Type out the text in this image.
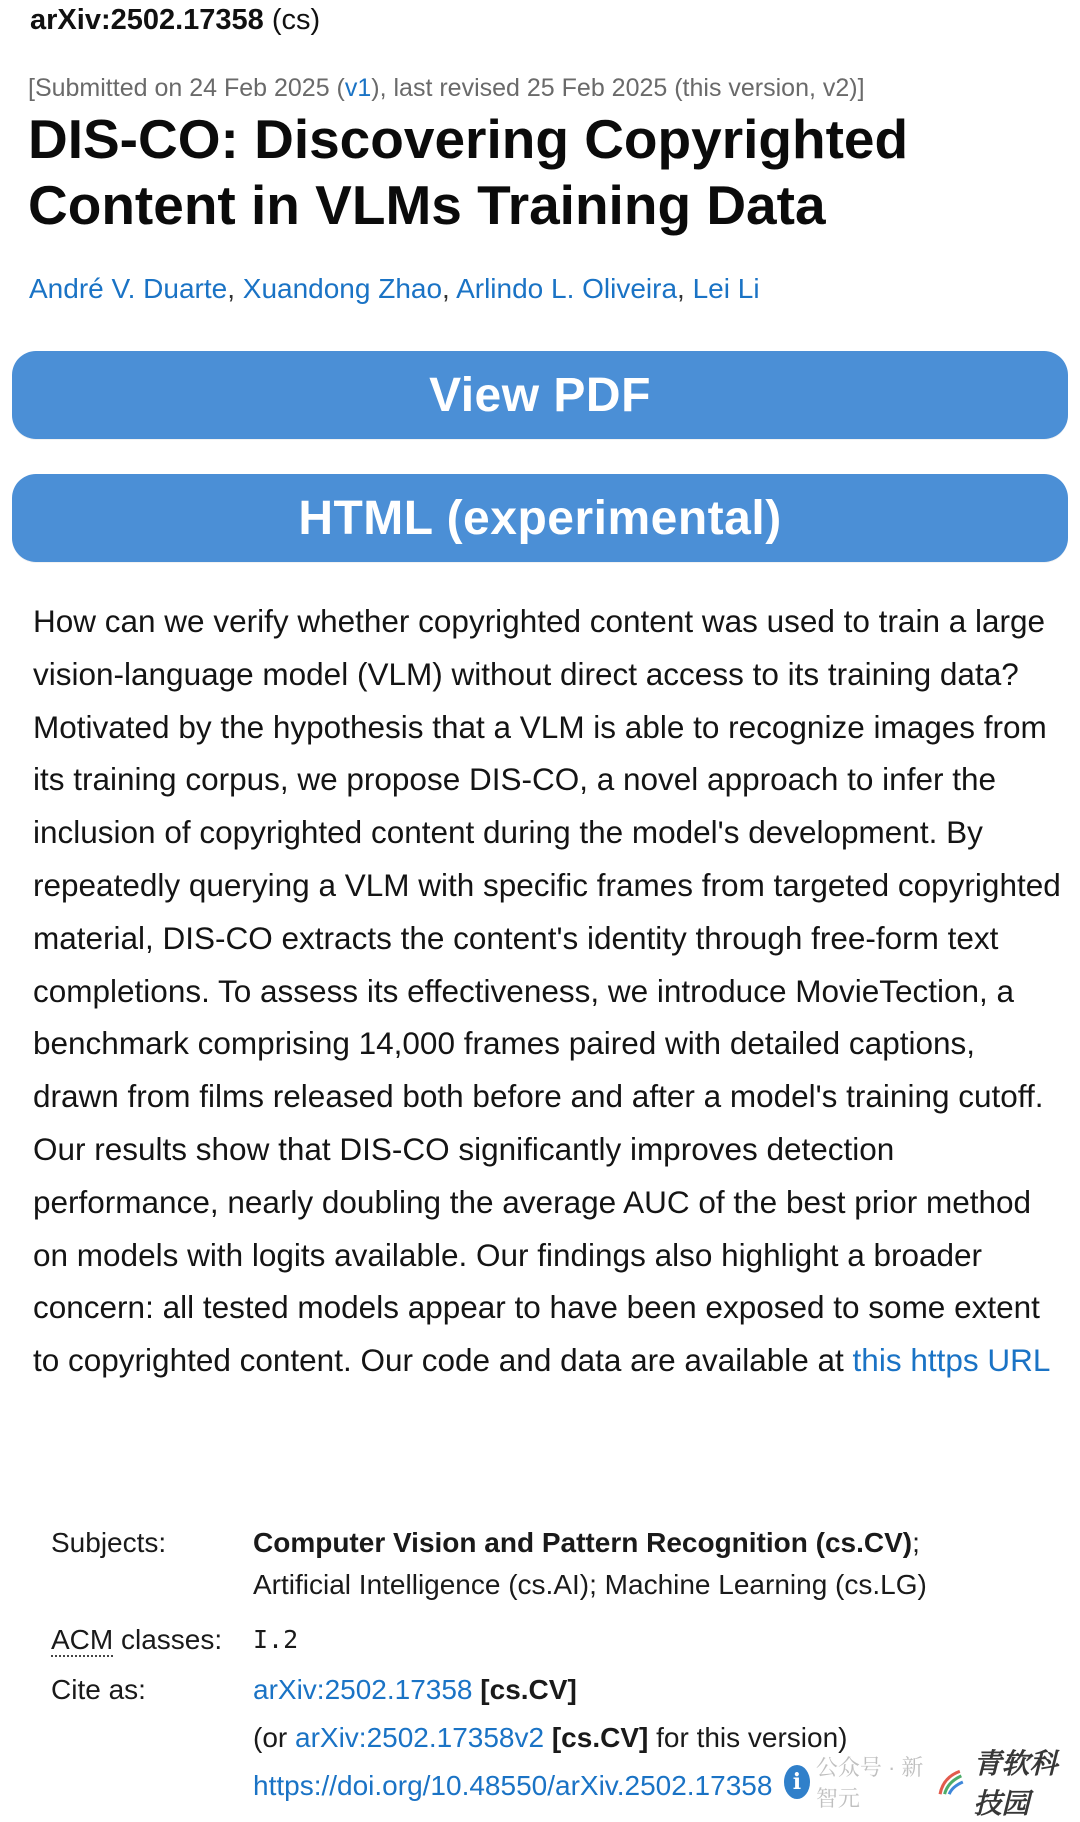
arXiv:2502.17358 (cs)
[Submitted on 24 Feb 2025 (v1), last revised 25 Feb 2025 (this version, v2)]
DIS-CO: Discovering Copyrighted Content in VLMs Training Data
André V. Duarte, Xuandong Zhao, Arlindo L. Oliveira, Lei Li
View PDF
HTML (experimental)

How can we verify whether copyrighted content was used to train a large vision-language model (VLM) without direct access to its training data? Motivated by the hypothesis that a VLM is able to recognize images from its training corpus, we propose DIS-CO, a novel approach to infer the inclusion of copyrighted content during the model's development. By repeatedly querying a VLM with specific frames from targeted copyrighted material, DIS-CO extracts the content's identity through free-form text completions. To assess its effectiveness, we introduce MovieTection, a benchmark comprising 14,000 frames paired with detailed captions, drawn from films released both before and after a model's training cutoff. Our results show that DIS-CO significantly improves detection performance, nearly doubling the average AUC of the best prior method on models with logits available. Our findings also highlight a broader concern: all tested models appear to have been exposed to some extent to copyrighted content. Our code and data are available at this https URL

Subjects:	Computer Vision and Pattern Recognition (cs.CV);
Artificial Intelligence (cs.AI); Machine Learning (cs.LG)
ACM classes:	I.2
Cite as:	arXiv:2502.17358 [cs.CV]
(or arXiv:2502.17358v2 [cs.CV] for this version)
https://doi.org/10.48550/arXiv.2502.17358 i
公众号 · 新智元
青软科技园
